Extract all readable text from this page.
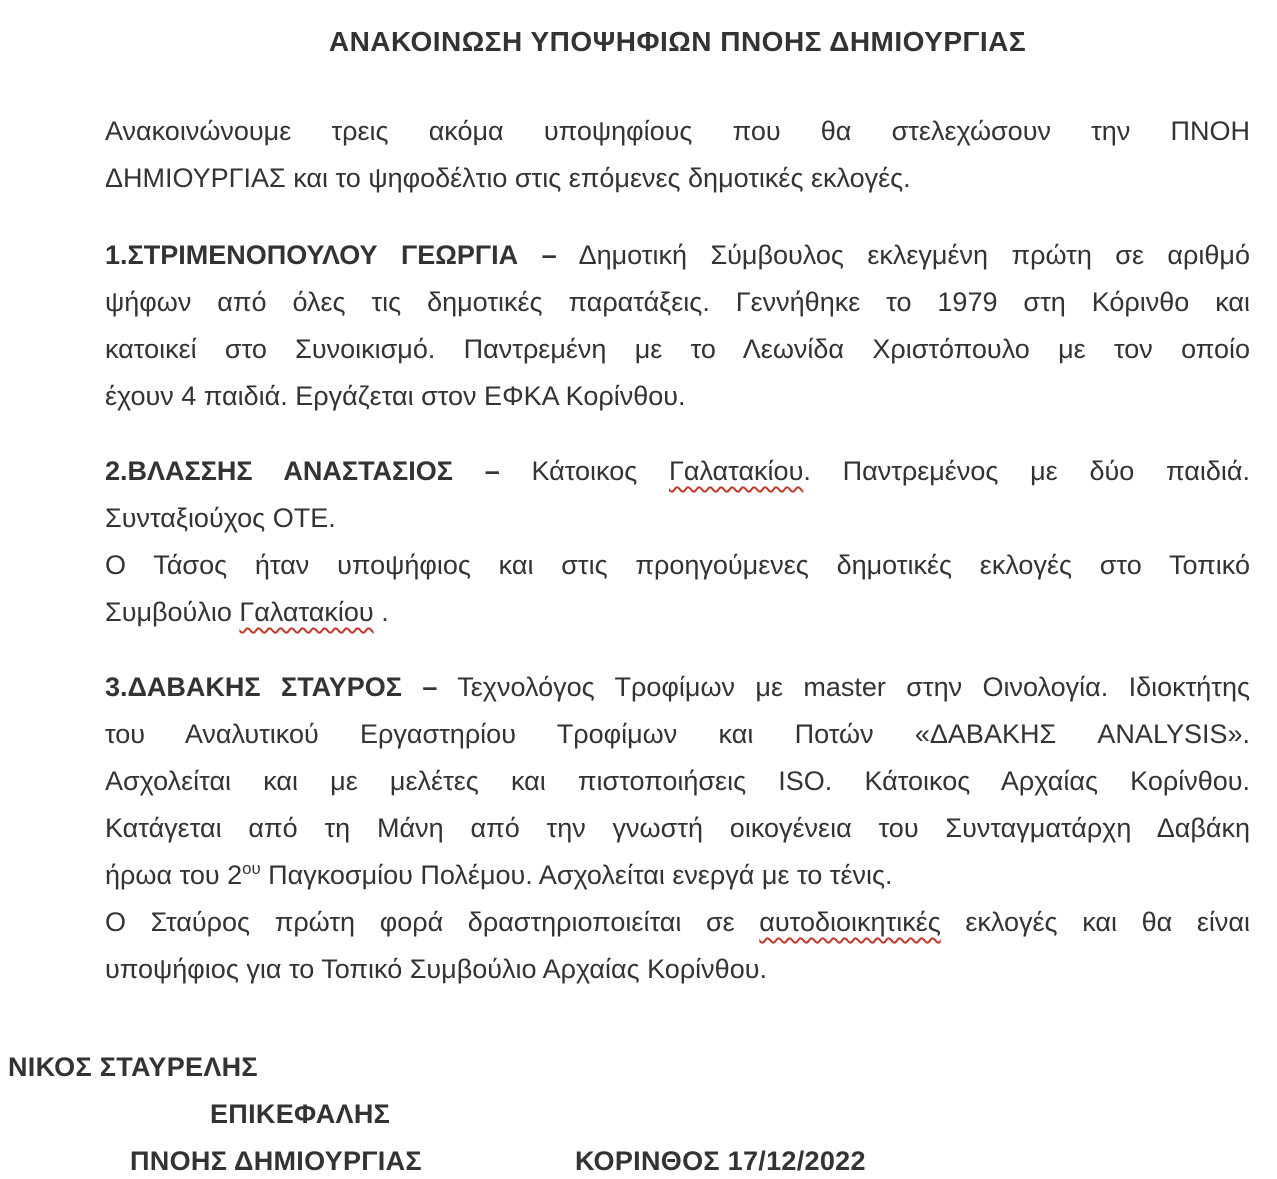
ΑΝΑΚΟΙΝΩΣΗ ΥΠΟΨΗΦΙΩΝ ΠΝΟΗΣ ΔΗΜΙΟΥΡΓΙΑΣ
Ανακοινώνουμε τρεις ακόμα υποψηφίους που θα στελεχώσουν την ΠΝΟΗ
ΔΗΜΙΟΥΡΓΙΑΣ και το ψηφοδέλτιο στις επόμενες δημοτικές εκλογές.
1.ΣΤΡΙΜΕΝΟΠΟΥΛΟΥ ΓΕΩΡΓΙΑ – Δημοτική Σύμβουλος εκλεγμένη πρώτη σε αριθμό
ψήφων από όλες τις δημοτικές παρατάξεις. Γεννήθηκε το 1979 στη Κόρινθο και
κατοικεί στο Συνοικισμό. Παντρεμένη με το Λεωνίδα Χριστόπουλο με τον οποίο
έχουν 4 παιδιά. Εργάζεται στον ΕΦΚΑ Κορίνθου.
2.ΒΛΑΣΣΗΣ ΑΝΑΣΤΑΣΙΟΣ – Κάτοικος Γαλατακίου. Παντρεμένος με δύο παιδιά.
Συνταξιούχος ΟΤΕ.
Ο Τάσος ήταν υποψήφιος και στις προηγούμενες δημοτικές εκλογές στο Τοπικό
Συμβούλιο Γαλατακίου .
3.ΔΑΒΑΚΗΣ ΣΤΑΥΡΟΣ – Τεχνολόγος Τροφίμων με master στην Οινολογία. Ιδιοκτήτης
του Αναλυτικού Εργαστηρίου Τροφίμων και Ποτών «ΔΑΒΑΚΗΣ ANALYSIS».
Ασχολείται και με μελέτες και πιστοποιήσεις ISO. Κάτοικος Αρχαίας Κορίνθου.
Κατάγεται από τη Μάνη από την γνωστή οικογένεια του Συνταγματάρχη Δαβάκη
ήρωα του $2^{o\upsilon}$ Παγκοσμίου Πολέμου. Ασχολείται ενεργά με το τένις.
Ο Σταύρος πρώτη φορά δραστηριοποιείται σε αυτοδιοικητικές εκλογές και θα είναι
υποψήφιος για το Τοπικό Συμβούλιο Αρχαίας Κορίνθου.
ΝΙΚΟΣ ΣΤΑΥΡΕΛΗΣ
ΕΠΙΚΕΦΑΛΗΣ
ΠΝΟΗΣ ΔΗΜΙΟΥΡΓΙΑΣ	ΚΟΡΙΝΘΟΣ 17/12/2022
